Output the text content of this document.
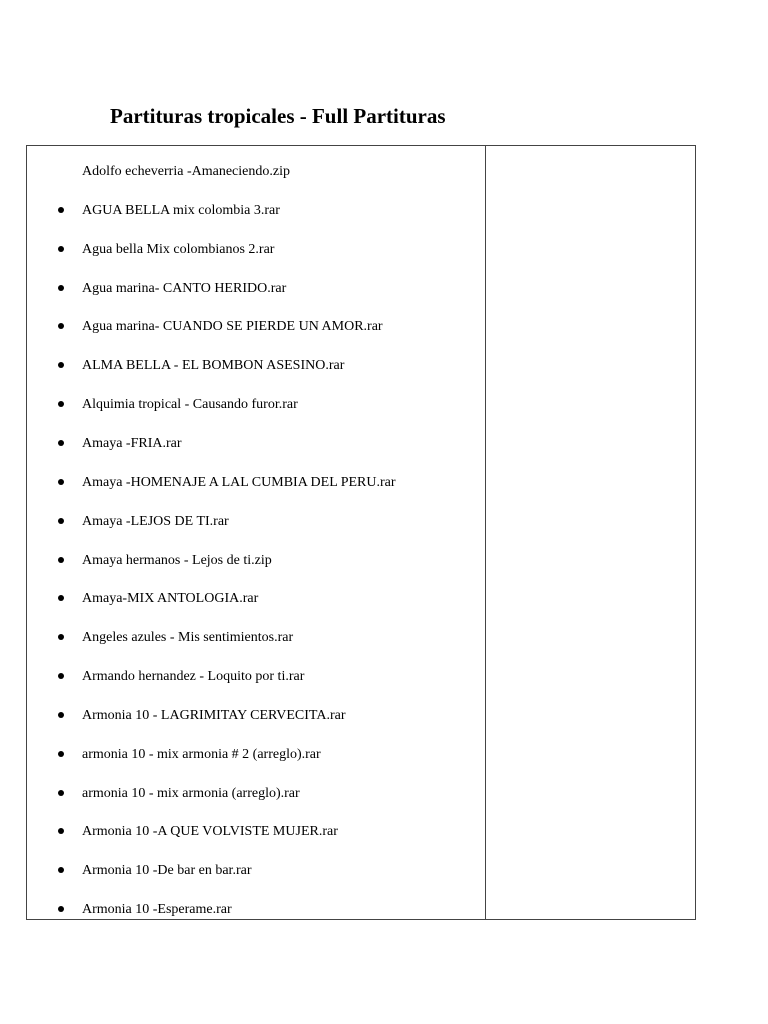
Partituras tropicales - Full Partituras
Adolfo echeverria -Amaneciendo.zip
AGUA BELLA mix colombia 3.rar
Agua bella Mix colombianos 2.rar
Agua marina- CANTO HERIDO.rar
Agua marina- CUANDO SE PIERDE UN AMOR.rar
ALMA BELLA - EL BOMBON ASESINO.rar
Alquimia tropical - Causando furor.rar
Amaya -FRIA.rar
Amaya -HOMENAJE A LAL CUMBIA DEL PERU.rar
Amaya -LEJOS DE TI.rar
Amaya hermanos - Lejos de ti.zip
Amaya-MIX ANTOLOGIA.rar
Angeles azules - Mis sentimientos.rar
Armando hernandez - Loquito por ti.rar
Armonia 10 - LAGRIMITAY CERVECITA.rar
armonia 10 - mix armonia # 2 (arreglo).rar
armonia 10 - mix armonia (arreglo).rar
Armonia 10 -A QUE VOLVISTE MUJER.rar
Armonia 10 -De bar en bar.rar
Armonia 10 -Esperame.rar
